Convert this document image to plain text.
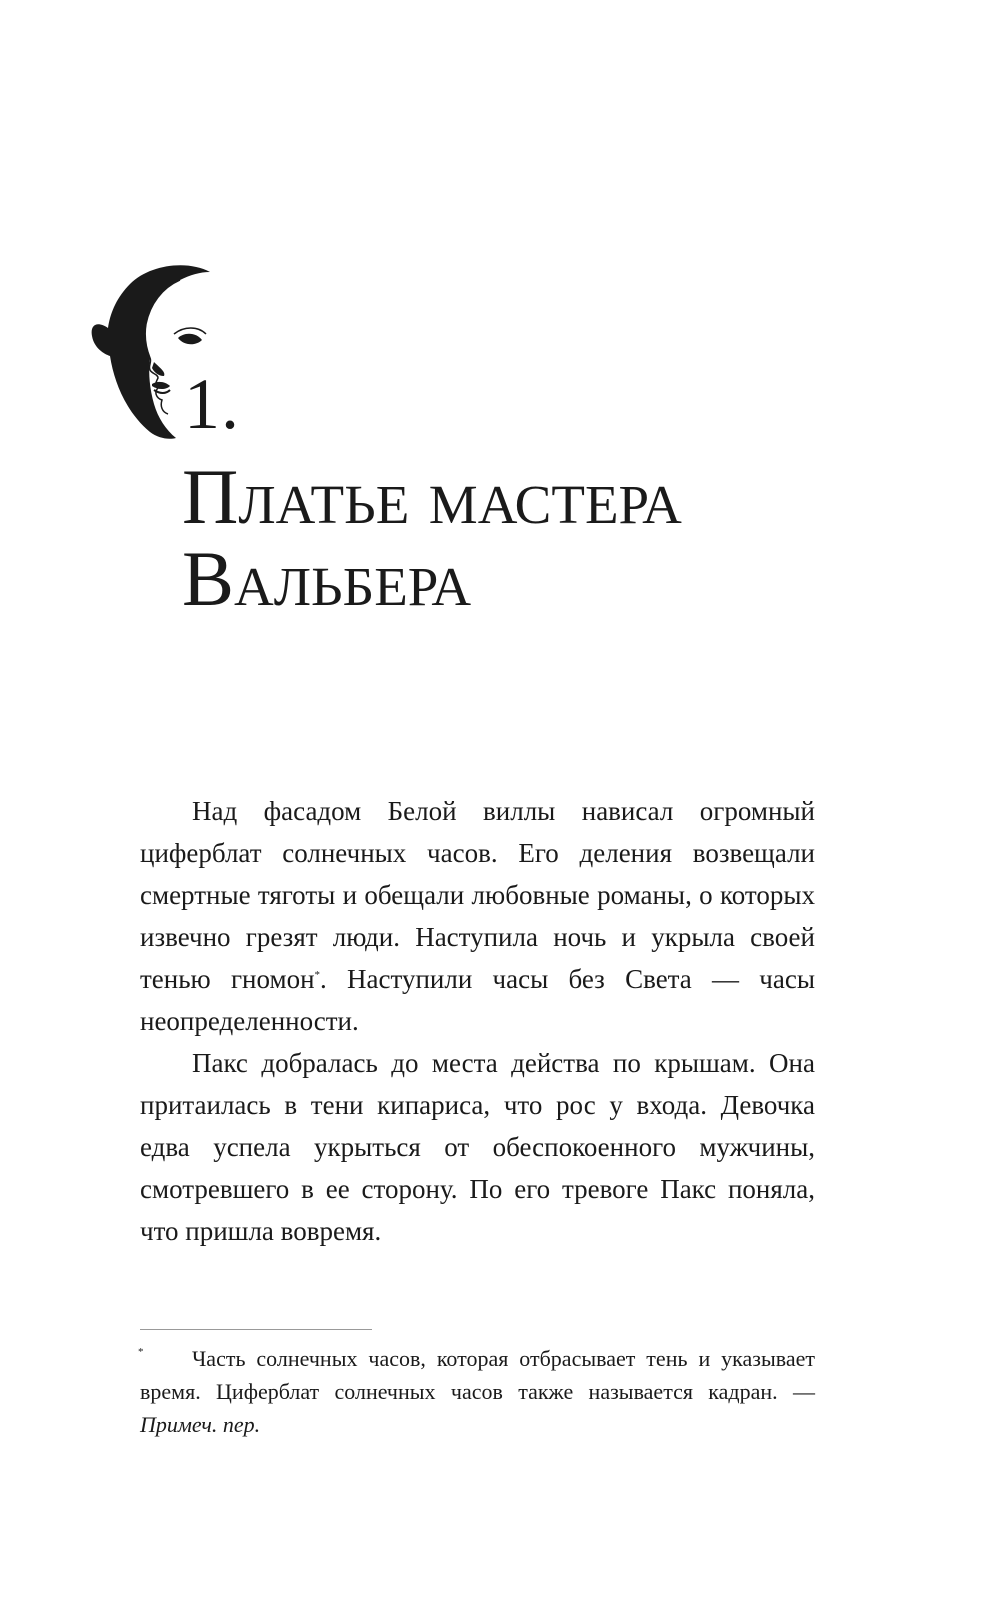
1.
Платье мастера
Вальбера

Над фасадом Белой виллы нависал огромный циферблат солнечных часов. Его деления возвещали смертные тяготы и обещали любовные романы, о которых извечно грезят люди. Наступила ночь и укрыла своей тенью гномон*. Наступили часы без Света — часы неопределенности.

Пакс добралась до места действа по крышам. Она притаилась в тени кипариса, что рос у входа. Девочка едва успела укрыться от обеспокоенного мужчины, смотревшего в ее сторону. По его тревоге Пакс поняла, что пришла вовремя.

*	Часть солнечных часов, которая отбрасывает тень и указывает время. Циферблат солнечных часов также называется кадран. — Примеч. пер.
